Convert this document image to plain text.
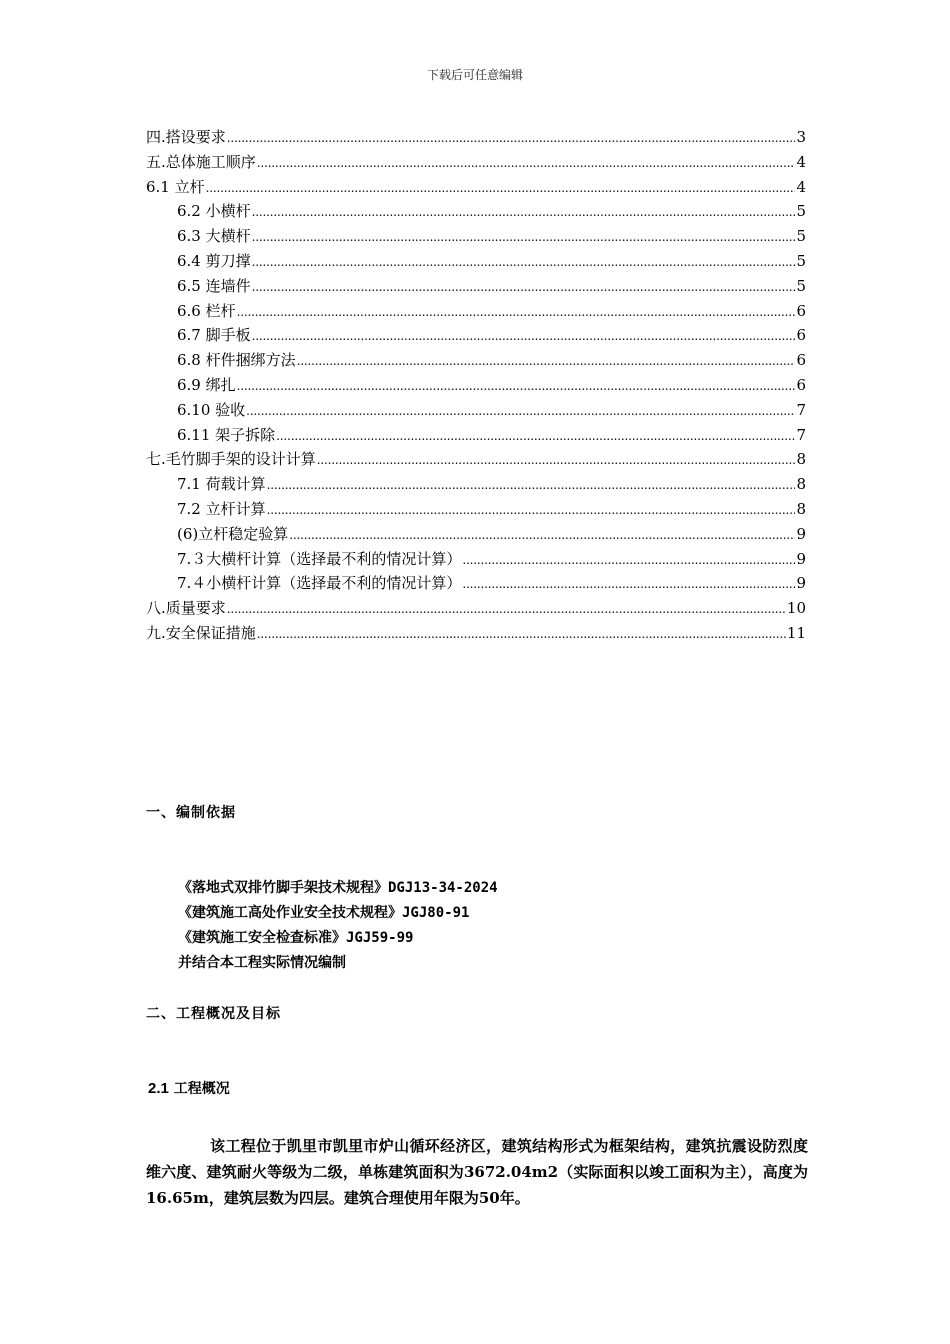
下载后可任意编辑
四.搭设要求 . . .	3
五.总体施工顺序 . . .	4
6.1 立杆 . . .	4
6.2 小横杆 . . .	5
6.3 大横杆 . . .	5
6.4 剪刀撑 . . .	5
6.5 连墙件 . . .	5
6.6 栏杆 . . .	6
6.7 脚手板 . . .	6
6.8 杆件捆绑方法 . . .	6
6.9 绑扎 . . .	6
6.10 验收 . . .	7
6.11 架子拆除 . . .	7
七.毛竹脚手架的设计计算 . . .	8
7.1 荷载计算 . . .	8
7.2 立杆计算 . . .	8
(6)立杆稳定验算 . . .	9
7.３大横杆计算（选择最不利的情况计算） . . .	9
7.４小横杆计算（选择最不利的情况计算） . . .	9
八.质量要求 . . .	10
九.安全保证措施 . . .	11
一、编制依据
《落地式双排竹脚手架技术规程》DGJ13-34-2024
《建筑施工高处作业安全技术规程》JGJ80-91
《建筑施工安全检查标准》JGJ59-99
并结合本工程实际情况编制
二、工程概况及目标
2.1 工程概况
该工程位于凯里市凯里市炉山循环经济区，建筑结构形式为框架结构，建筑抗震设防烈度维六度、建筑耐火等级为二级，单栋建筑面积为3672.04m2（实际面积以竣工面积为主），高度为16.65m，建筑层数为四层。建筑合理使用年限为50年。
